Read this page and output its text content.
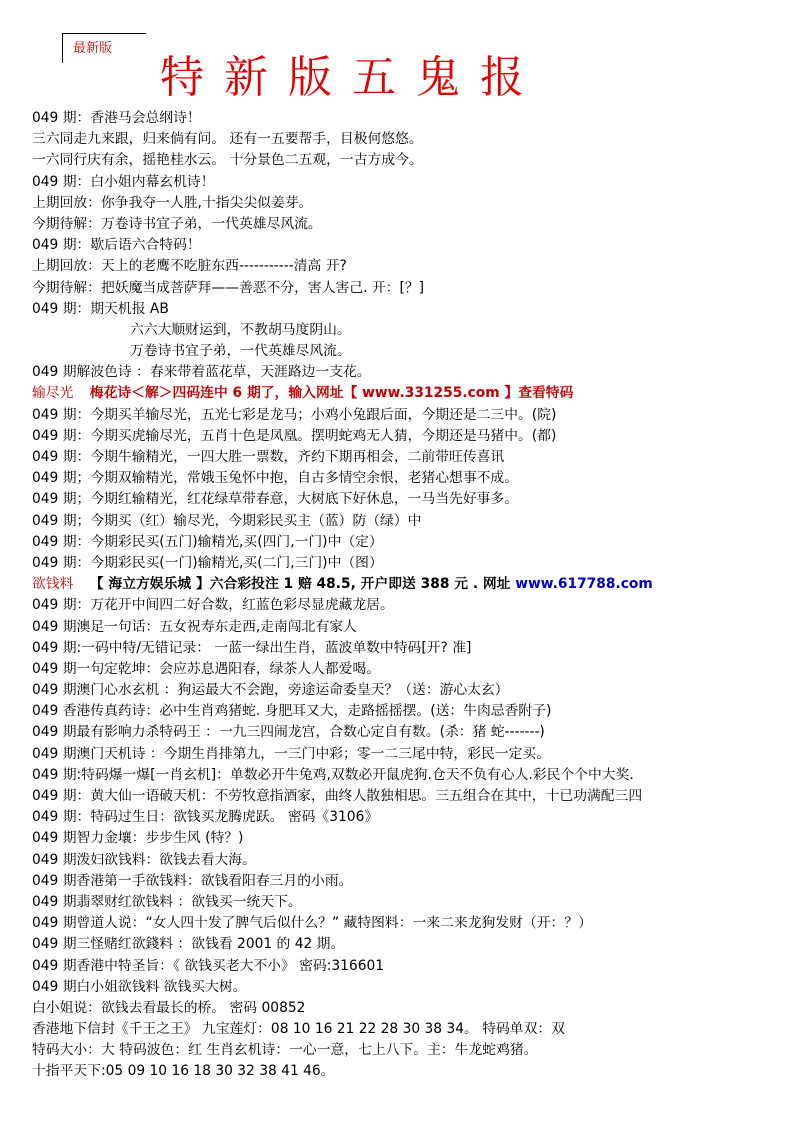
最新版
特新版五鬼报
049 期：香港马会总纲诗！
三六同走九来跟，归来倘有问。 还有一五要帮手，目极何悠悠。
一六同行庆有余，摇艳桂水云。 十分景色二五观，一古方成今。
049 期：白小姐内幕玄机诗！
上期回放：你争我夺一人胜,十指尖尖似姜芽。
今期待解：万卷诗书宜子弟，一代英雄尽风流。
049 期：歇后语六合特码！
上期回放：天上的老鹰不吃脏东西-----------清高 开?
今期待解：把妖魔当成菩萨拜——善恶不分，害人害己. 开：[？]
049 期：期天机报 AB
六六大顺财运到，不教胡马度阴山。
万卷诗书宜子弟，一代英雄尽风流。
049 期解波色诗 ：春来带着蓝花草，天涯路边一支花。
输尽光 梅花诗＜解＞四码连中 6 期了，输入网址【 www.331255.com 】查看特码
049 期：今期买羊输尽光，五光七彩是龙马；小鸡小兔跟后面，今期还是二三中。(院)
049 期：今期买虎输尽光，五肖十色是凤凰。摆明蛇鸡无人猜，今期还是马猪中。(都)
049 期：今期牛输精光，一四大胜一票数，齐约下期再相会，二前带旺传喜讯
049 期；今期双输精光，常娥玉兔怀中抱，自古多情空余恨，老猪心想事不成。
049 期；今期红输精光，红花绿草带春意，大树底下好休息，一马当先好事多。
049 期；今期买（红）输尽光，今期彩民买主（蓝）防（绿）中
049 期：今期彩民买(五门)输精光,买(四门,一门)中（定）
049 期：今期彩民买(一门)输精光,买(二门,三门)中（图）
欲钱料 【 海立方娱乐城 】六合彩投注 1 赔 48.5, 开户即送 388 元 . 网址 www.617788.com
049 期：万花开中间四二好合数，红蓝色彩尽显虎藏龙居。
049 期澳足一句话：五女祝寿东走西,走南闯北有家人
049 期:一码中特/无错记录： 一蓝一绿出生肖，蓝波单数中特码[开? 准]
049 期一句定乾坤：会应苏息遇阳春，绿茶人人都爱喝。
049 期澳门心水玄机 ：狗运最大不会跑，旁途运命委皇天？（送：游心太玄）
049 香港传真药诗：必中生肖鸡猪蛇. 身肥耳又大，走路摇摇摆。(送：牛肉忌香附子)
049 期最有影响力杀特码王 ：一九三四闹龙宫，合数心定自有数。(杀：猪 蛇-------)
049 期澳门天机诗 ：今期生肖排第九，一三门中彩；零一二三尾中特，彩民一定买。
049 期:特码爆一爆[一肖玄机]：单数必开牛兔鸡,双数必开鼠虎狗.仓天不负有心人.彩民个个中大奖.
049 期：黄大仙一语破天机：不劳牧意指酒家，曲终人散独相思。三五组合在其中，十已功满配三四
049 期：特码过生日：欲钱买龙腾虎跃。 密码《3106》
049 期智力金壤：步步生风 (特？)
049 期泼妇欲钱料：欲钱去看大海。
049 期香港第一手欲钱料：欲钱看阳春三月的小雨。
049 期翡翠财红欲钱料 ：欲钱买一统天下。
049 期曾道人说：“女人四十发了脾气后似什么？” 藏特图料：一来二来龙狗发财（开：？）
049 期三怪赌红欲錢料 ：欲钱看 2001 的 42 期。
049 期香港中特圣旨：《 欲钱买老大不小》 密码:316601
049 期白小姐欲钱料 欲钱买大树。
白小姐说：欲钱去看最长的桥。 密码 00852
香港地下信封《千王之王》 九宝莲灯：08 10 16 21 22 28 30 38 34。 特码单双：双
特码大小：大 特码波色：红 生肖玄机诗：一心一意，七上八下。主：牛龙蛇鸡猪。
十指平天下:05 09 10 16 18 30 32 38 41 46。
